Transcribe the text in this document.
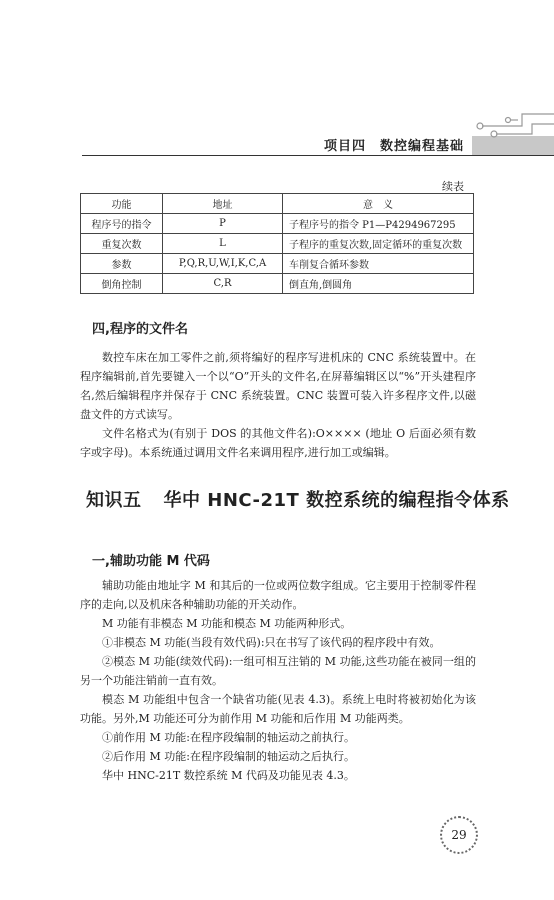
项目四 数控编程基础
续表
功能	地址	意　义
程序号的指令	P	子程序号的指令 P1—P4294967295
重复次数	L	子程序的重复次数,固定循环的重复次数
参数	P,Q,R,U,W,I,K,C,A	车削复合循环参数
倒角控制	C,R	倒直角,倒圆角
四,程序的文件名

数控车床在加工零件之前,须将编好的程序写进机床的 CNC 系统装置中。在程序编辑前,首先要键入一个以“O”开头的文件名,在屏幕编辑区以“%”开头建程序名,然后编辑程序并保存于 CNC 系统装置。CNC 装置可装入许多程序文件,以磁盘文件的方式读写。

文件名格式为(有别于 DOS 的其他文件名):O×××× (地址 O 后面必须有数字或字母)。本系统通过调用文件名来调用程序,进行加工或编辑。

知识五 华中 HNC-21T 数控系统的编程指令体系
一,辅助功能 M 代码

辅助功能由地址字 M 和其后的一位或两位数字组成。它主要用于控制零件程序的走向,以及机床各种辅助功能的开关动作。

M 功能有非模态 M 功能和模态 M 功能两种形式。

①非模态 M 功能(当段有效代码):只在书写了该代码的程序段中有效。

②模态 M 功能(续效代码):一组可相互注销的 M 功能,这些功能在被同一组的另一个功能注销前一直有效。

模态 M 功能组中包含一个缺省功能(见表 4.3)。系统上电时将被初始化为该功能。另外,M 功能还可分为前作用 M 功能和后作用 M 功能两类。

①前作用 M 功能:在程序段编制的轴运动之前执行。

②后作用 M 功能:在程序段编制的轴运动之后执行。

华中 HNC-21T 数控系统 M 代码及功能见表 4.3。

29
